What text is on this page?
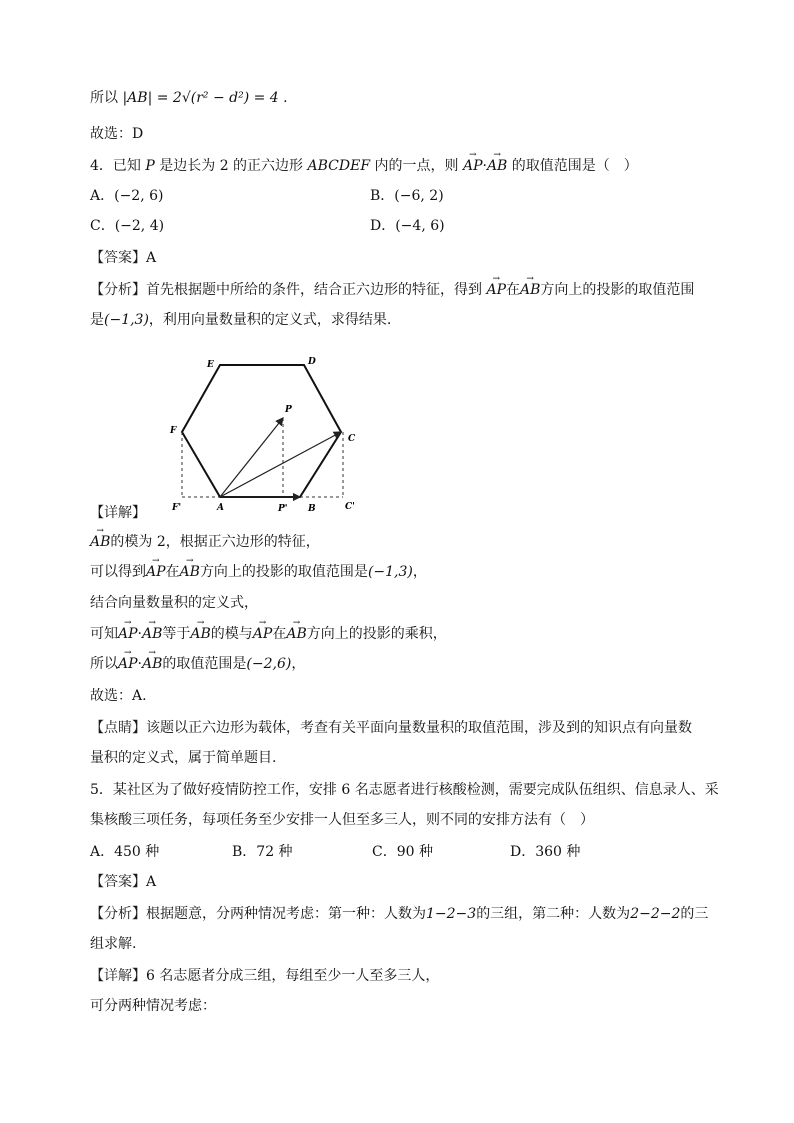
所以 |AB| = 2√(r² − d²) = 4 .
故选：D
4．已知 P 是边长为 2 的正六边形 ABCDEF 内的一点，则 → AP·→ AB 的取值范围是（　）
A．(−2, 6)	B．(−6, 2)
C．(−2, 4)	D．(−4, 6)
【答案】A
【分析】首先根据题中所给的条件，结合正六边形的特征，得到 → AP在→ AB方向上的投影的取值范围
是(−1,3)，利用向量数量积的定义式，求得结果.
E	D
F
C
P
F'	A	P' B	C'
【详解】
→ AB的模为 2，根据正六边形的特征，
可以得到→ AP在→ AB方向上的投影的取值范围是(−1,3)，
结合向量数量积的定义式，
可知→ AP·→ AB等于→ AB的模与→ AP在→ AB方向上的投影的乘积，
所以→ AP·→ AB的取值范围是(−2,6)，
故选：A.
【点睛】该题以正六边形为载体，考查有关平面向量数量积的取值范围，涉及到的知识点有向量数
量积的定义式，属于简单题目.
5．某社区为了做好疫情防控工作，安排 6 名志愿者进行核酸检测，需要完成队伍组织、信息录人、采
集核酸三项任务，每项任务至少安排一人但至多三人，则不同的安排方法有（　）
A．450 种	B．72 种	C．90 种	D．360 种
【答案】A
【分析】根据题意，分两种情况考虑：第一种：人数为1−2−3的三组，第二种：人数为2−2−2的三
组求解.
【详解】6 名志愿者分成三组，每组至少一人至多三人，
可分两种情况考虑：
